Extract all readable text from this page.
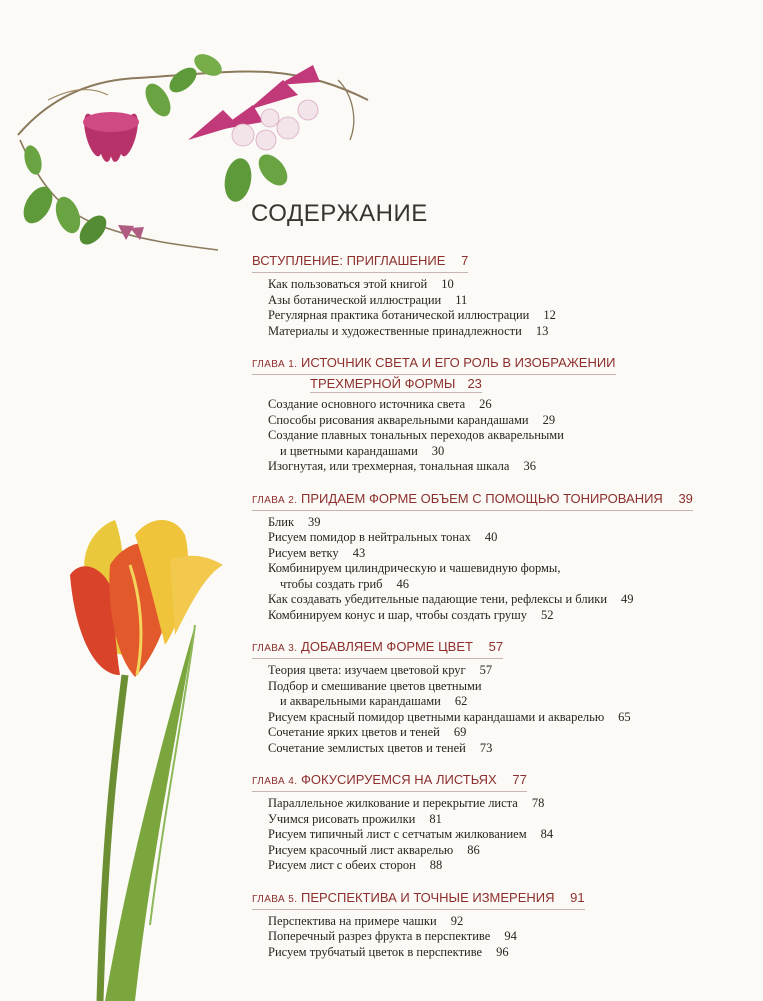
СОДЕРЖАНИЕ
ВСТУПЛЕНИЕ: ПРИГЛАШЕНИЕ 7
Как пользоваться этой книгой 10
Азы ботанической иллюстрации 11
Регулярная практика ботанической иллюстрации 12
Материалы и художественные принадлежности 13
ГЛАВА 1. ИСТОЧНИК СВЕТА И ЕГО РОЛЬ В ИЗОБРАЖЕНИИ
ТРЕХМЕРНОЙ ФОРМЫ 23
Создание основного источника света 26
Способы рисования акварельными карандашами 29
Создание плавных тональных переходов акварельными
и цветными карандашами 30
Изогнутая, или трехмерная, тональная шкала 36
ГЛАВА 2. ПРИДАЕМ ФОРМЕ ОБЪЕМ С ПОМОЩЬЮ ТОНИРОВАНИЯ 39
Блик 39
Рисуем помидор в нейтральных тонах 40
Рисуем ветку 43
Комбинируем цилиндрическую и чашевидную формы,
чтобы создать гриб 46
Как создавать убедительные падающие тени, рефлексы и блики 49
Комбинируем конус и шар, чтобы создать грушу 52
ГЛАВА 3. ДОБАВЛЯЕМ ФОРМЕ ЦВЕТ 57
Теория цвета: изучаем цветовой круг 57
Подбор и смешивание цветов цветными
и акварельными карандашами 62
Рисуем красный помидор цветными карандашами и акварелью 65
Сочетание ярких цветов и теней 69
Сочетание землистых цветов и теней 73
ГЛАВА 4. ФОКУСИРУЕМСЯ НА ЛИСТЬЯХ 77
Параллельное жилкование и перекрытие листа 78
Учимся рисовать прожилки 81
Рисуем типичный лист с сетчатым жилкованием 84
Рисуем красочный лист акварелью 86
Рисуем лист с обеих сторон 88
ГЛАВА 5. ПЕРСПЕКТИВА И ТОЧНЫЕ ИЗМЕРЕНИЯ 91
Перспектива на примере чашки 92
Поперечный разрез фрукта в перспективе 94
Рисуем трубчатый цветок в перспективе 96
